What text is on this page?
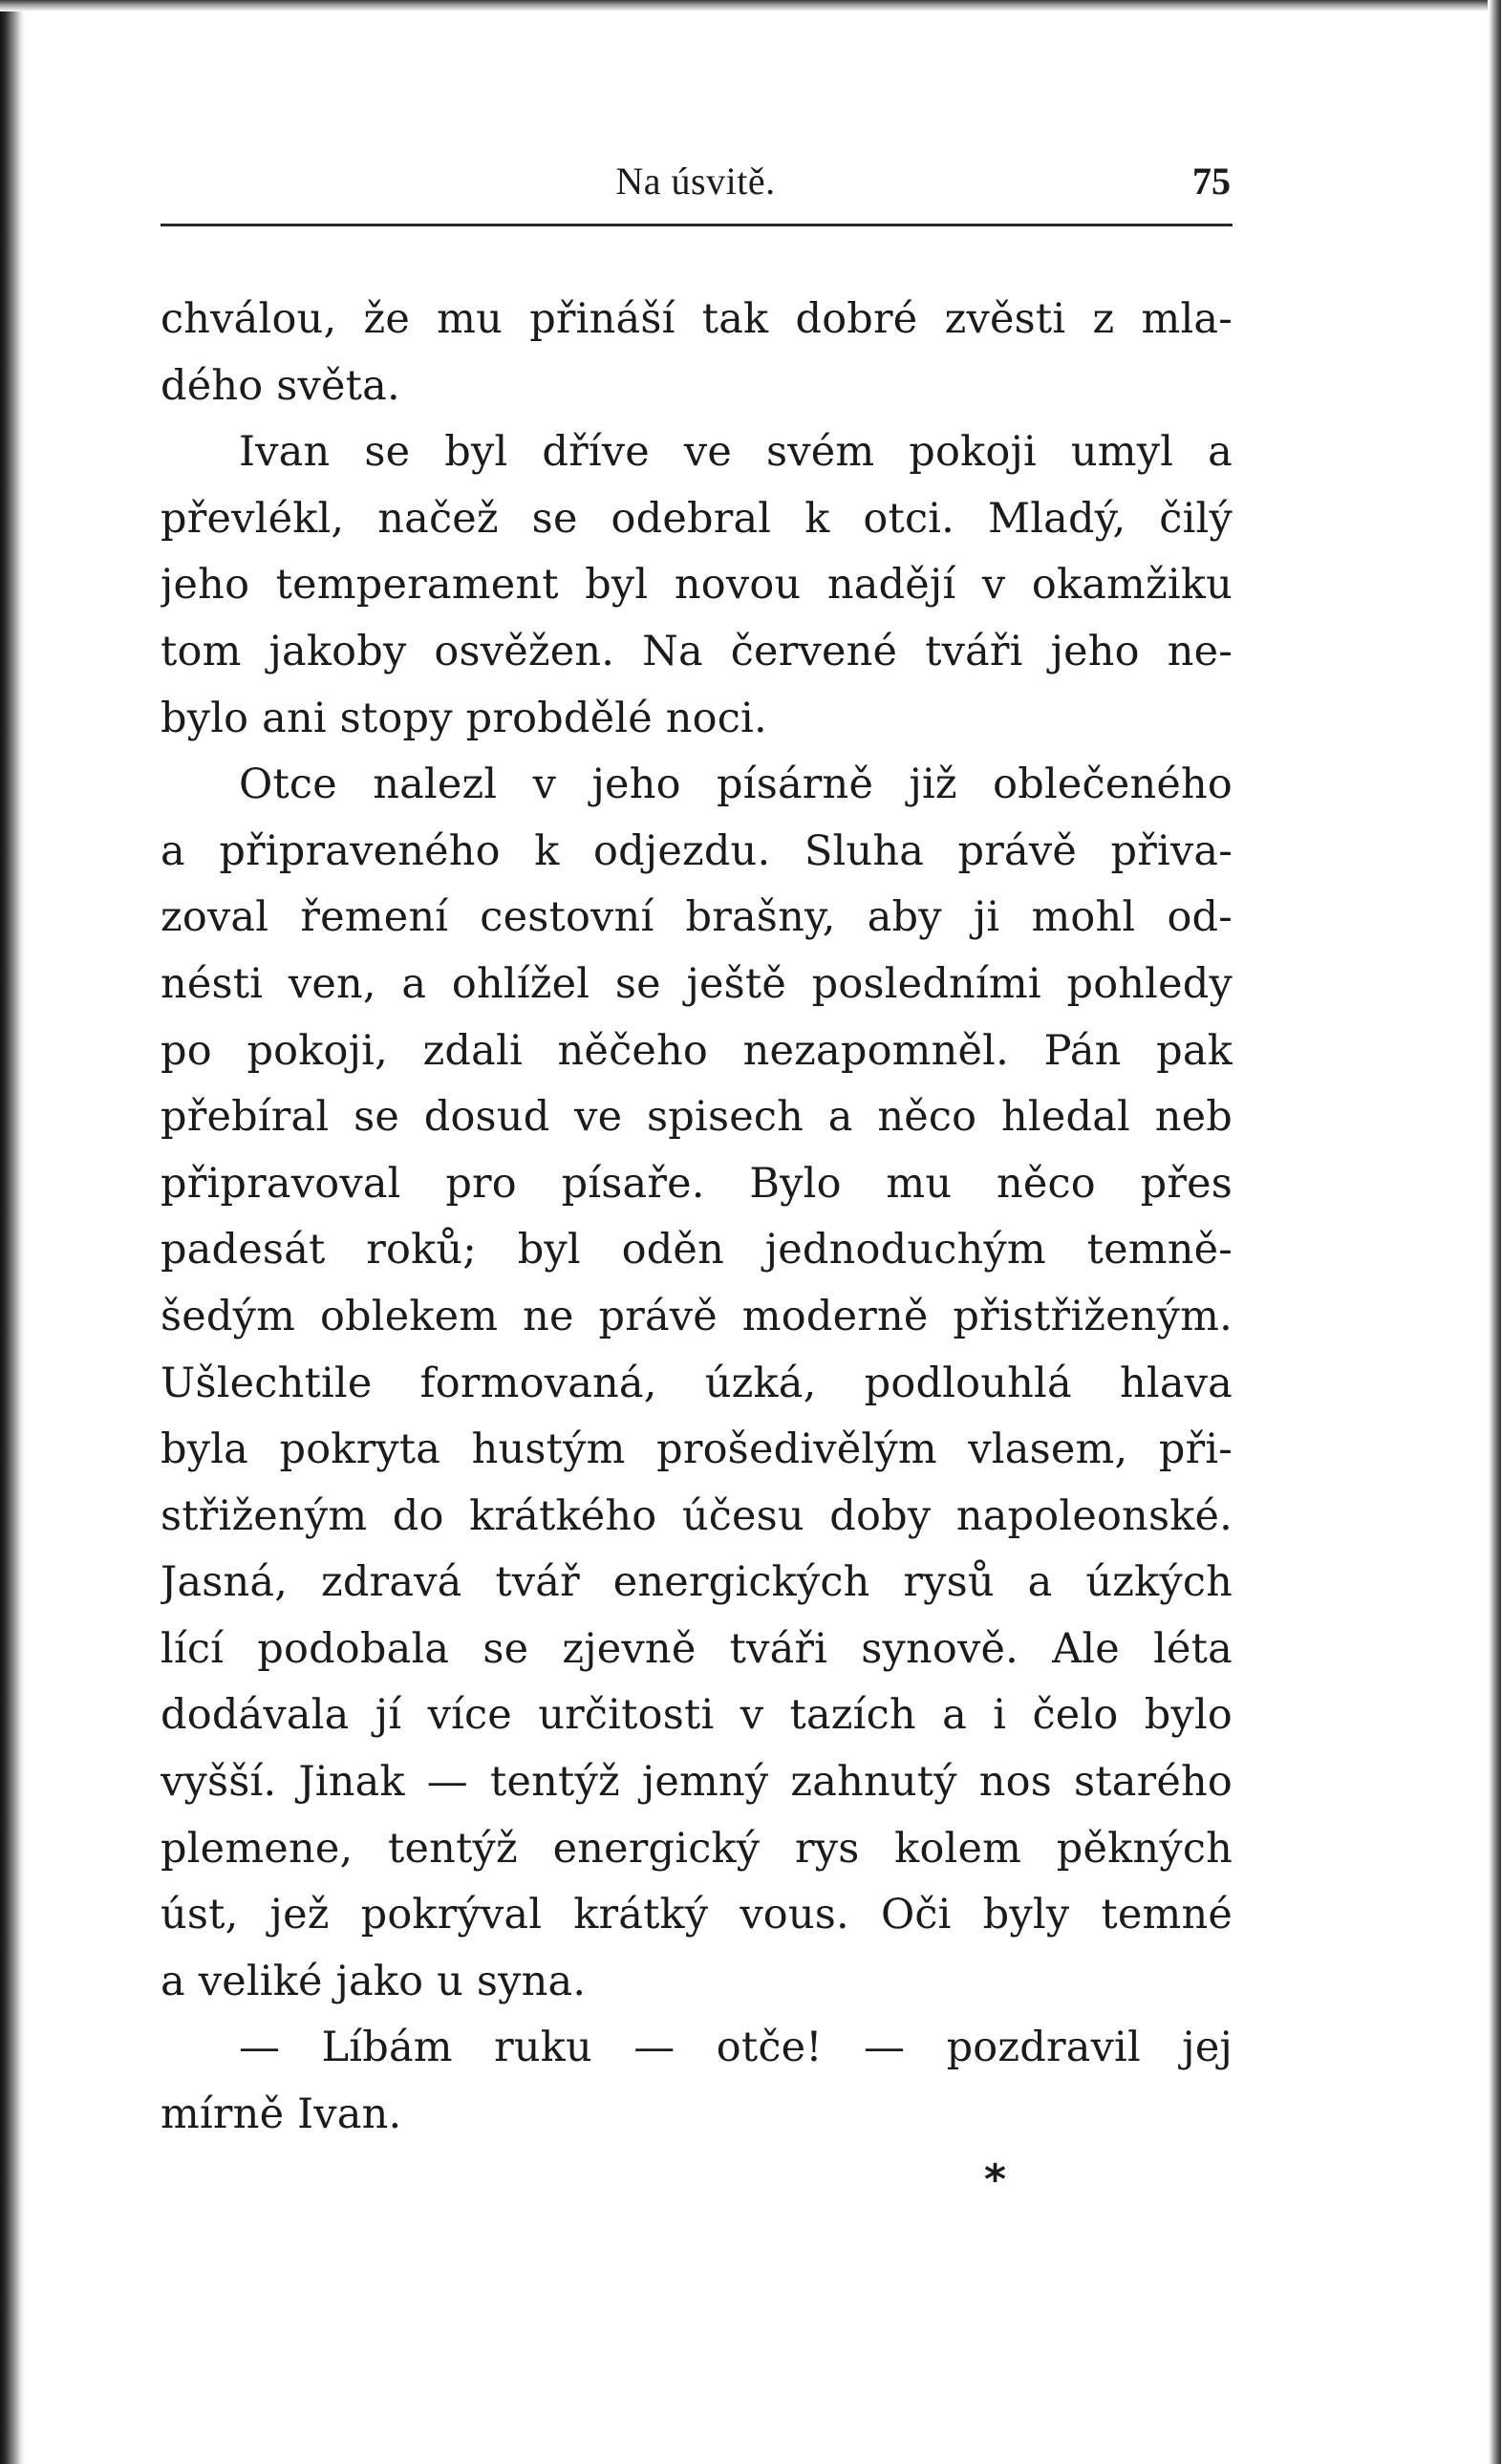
Na úsvitě.	75
chválou, že mu přináší tak dobré zvěsti z mla-
dého světa.
Ivan se byl dříve ve svém pokoji umyl a
převlékl, načež se odebral k otci. Mladý, čilý
jeho temperament byl novou nadějí v okamžiku
tom jakoby osvěžen. Na červené tváři jeho ne-
bylo ani stopy probdělé noci.
Otce nalezl v jeho písárně již oblečeného
a připraveného k odjezdu. Sluha právě přiva-
zoval řemení cestovní brašny, aby ji mohl od-
nésti ven, a ohlížel se ještě posledními pohledy
po pokoji, zdali něčeho nezapomněl. Pán pak
přebíral se dosud ve spisech a něco hledal neb
připravoval pro písaře. Bylo mu něco přes
padesát roků; byl oděn jednoduchým temně-
šedým oblekem ne právě moderně přistřiženým.
Ušlechtile formovaná, úzká, podlouhlá hlava
byla pokryta hustým prošedivělým vlasem, při-
střiženým do krátkého účesu doby napoleonské.
Jasná, zdravá tvář energických rysů a úzkých
lící podobala se zjevně tváři synově. Ale léta
dodávala jí více určitosti v tazích a i čelo bylo
vyšší. Jinak — tentýž jemný zahnutý nos starého
plemene, tentýž energický rys kolem pěkných
úst, jež pokrýval krátký vous. Oči byly temné
a veliké jako u syna.
— Líbám ruku — otče! — pozdravil jej
mírně Ivan.
*
